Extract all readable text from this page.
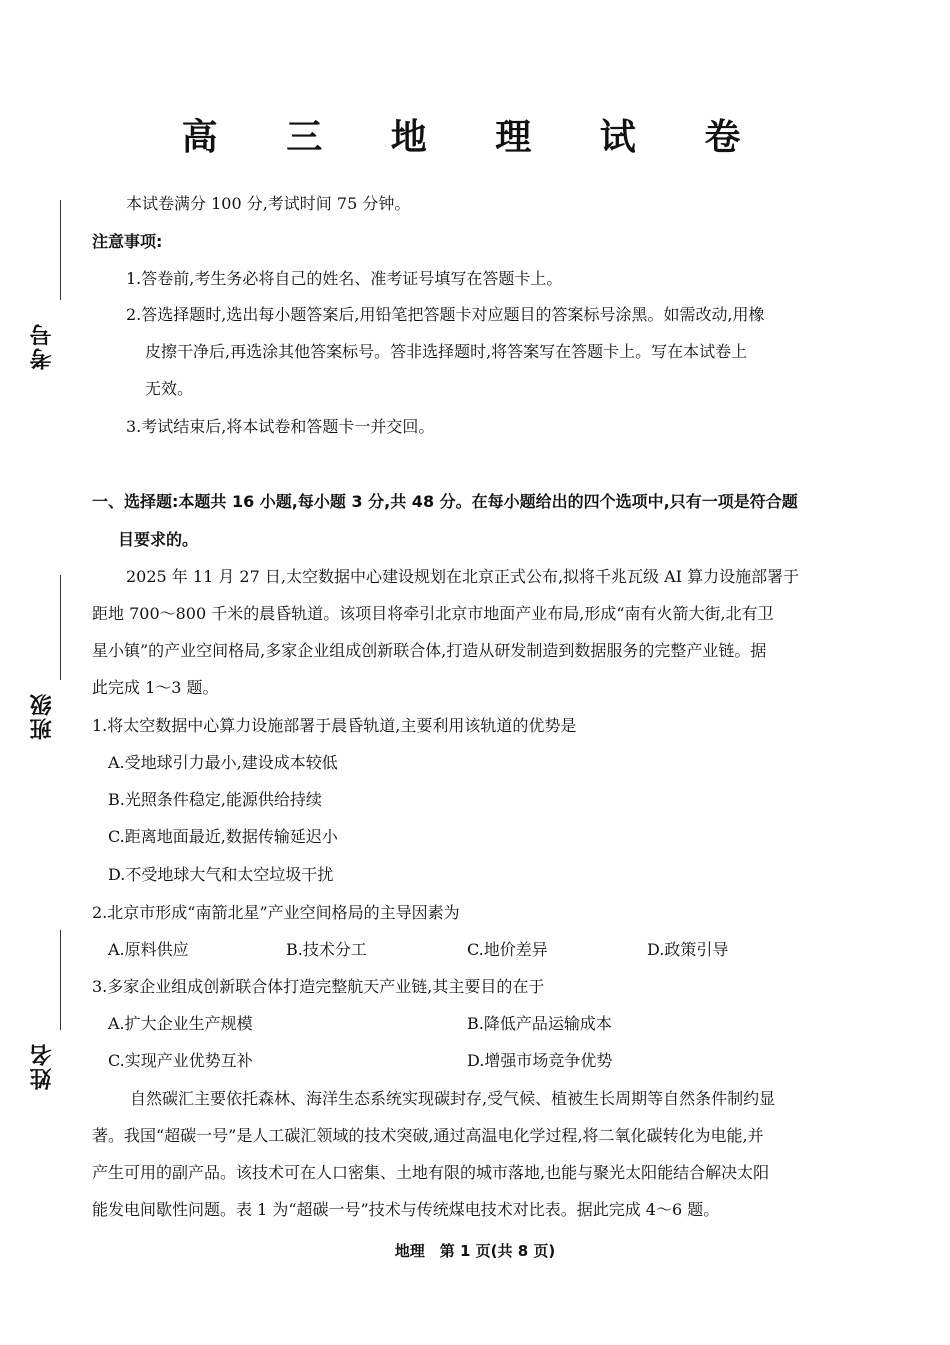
考号
班级
姓名
高 三 地 理 试 卷
本试卷满分 100 分,考试时间 75 分钟。
注意事项:
1.答卷前,考生务必将自己的姓名、准考证号填写在答题卡上。
2.答选择题时,选出每小题答案后,用铅笔把答题卡对应题目的答案标号涂黑。如需改动,用橡
皮擦干净后,再选涂其他答案标号。答非选择题时,将答案写在答题卡上。写在本试卷上
无效。
3.考试结束后,将本试卷和答题卡一并交回。
一、选择题:本题共 16 小题,每小题 3 分,共 48 分。在每小题给出的四个选项中,只有一项是符合题
目要求的。
2025 年 11 月 27 日,太空数据中心建设规划在北京正式公布,拟将千兆瓦级 AI 算力设施部署于
距地 700～800 千米的晨昏轨道。该项目将牵引北京市地面产业布局,形成“南有火箭大街,北有卫
星小镇”的产业空间格局,多家企业组成创新联合体,打造从研发制造到数据服务的完整产业链。据
此完成 1～3 题。
1.将太空数据中心算力设施部署于晨昏轨道,主要利用该轨道的优势是
A.受地球引力最小,建设成本较低
B.光照条件稳定,能源供给持续
C.距离地面最近,数据传输延迟小
D.不受地球大气和太空垃圾干扰
2.北京市形成“南箭北星”产业空间格局的主导因素为
A.原料供应	B.技术分工	C.地价差异	D.政策引导
3.多家企业组成创新联合体打造完整航天产业链,其主要目的在于
A.扩大企业生产规模	B.降低产品运输成本
C.实现产业优势互补	D.增强市场竞争优势
自然碳汇主要依托森林、海洋生态系统实现碳封存,受气候、植被生长周期等自然条件制约显
著。我国“超碳一号”是人工碳汇领域的技术突破,通过高温电化学过程,将二氧化碳转化为电能,并
产生可用的副产品。该技术可在人口密集、土地有限的城市落地,也能与聚光太阳能结合解决太阳
能发电间歇性问题。表 1 为“超碳一号”技术与传统煤电技术对比表。据此完成 4～6 题。
地理　第 1 页(共 8 页)
